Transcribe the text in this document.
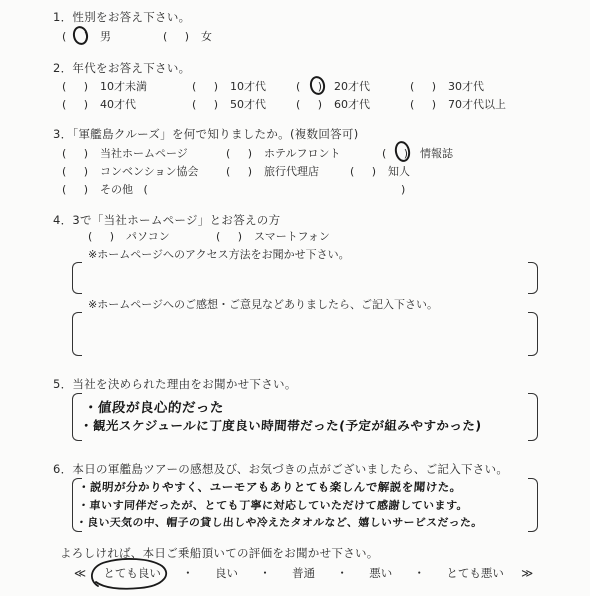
1．性別をお答え下さい。
(     ) 男	(     ) 女
2．年代をお答え下さい。
(     ) 10才未満	(     ) 10才代	(     ) 20才代	(     ) 30才代
(     ) 40才代	(     ) 50才代	(     ) 60才代	(     ) 70才代以上
3．「軍艦島クルーズ」を何で知りましたか。(複数回答可)
(     ) 当社ホームページ	(     ) ホテルフロント	(     ) 情報誌
(     ) コンベンション協会 (     ) 旅行代理店	(     ) 知人
(     ) その他   (	)
4．3で「当社ホームページ」とお答えの方
(     ) パソコン	(     ) スマートフォン
※ホームページへのアクセス方法をお聞かせ下さい。
※ホームページへのご感想・ご意見などありましたら、ご記入下さい。
5．当社を決められた理由をお聞かせ下さい。
・値段が良心的だった
・観光スケジュールに丁度良い時間帯だった(予定が組みやすかった)
6．本日の軍艦島ツアーの感想及び、お気づきの点がございましたら、ご記入下さい。
・説明が分かりやすく、ユーモアもありとても楽しんで解説を聞けた。
・車いす同伴だったが、とても丁寧に対応していただけて感謝しています。
・良い天気の中、帽子の貸し出しや冷えたタオルなど、嬉しいサービスだった。
よろしければ、本日ご乗船頂いての評価をお聞かせ下さい。
≪ とても良い ・ 良い ・ 普通 ・ 悪い ・ とても悪い ≫
